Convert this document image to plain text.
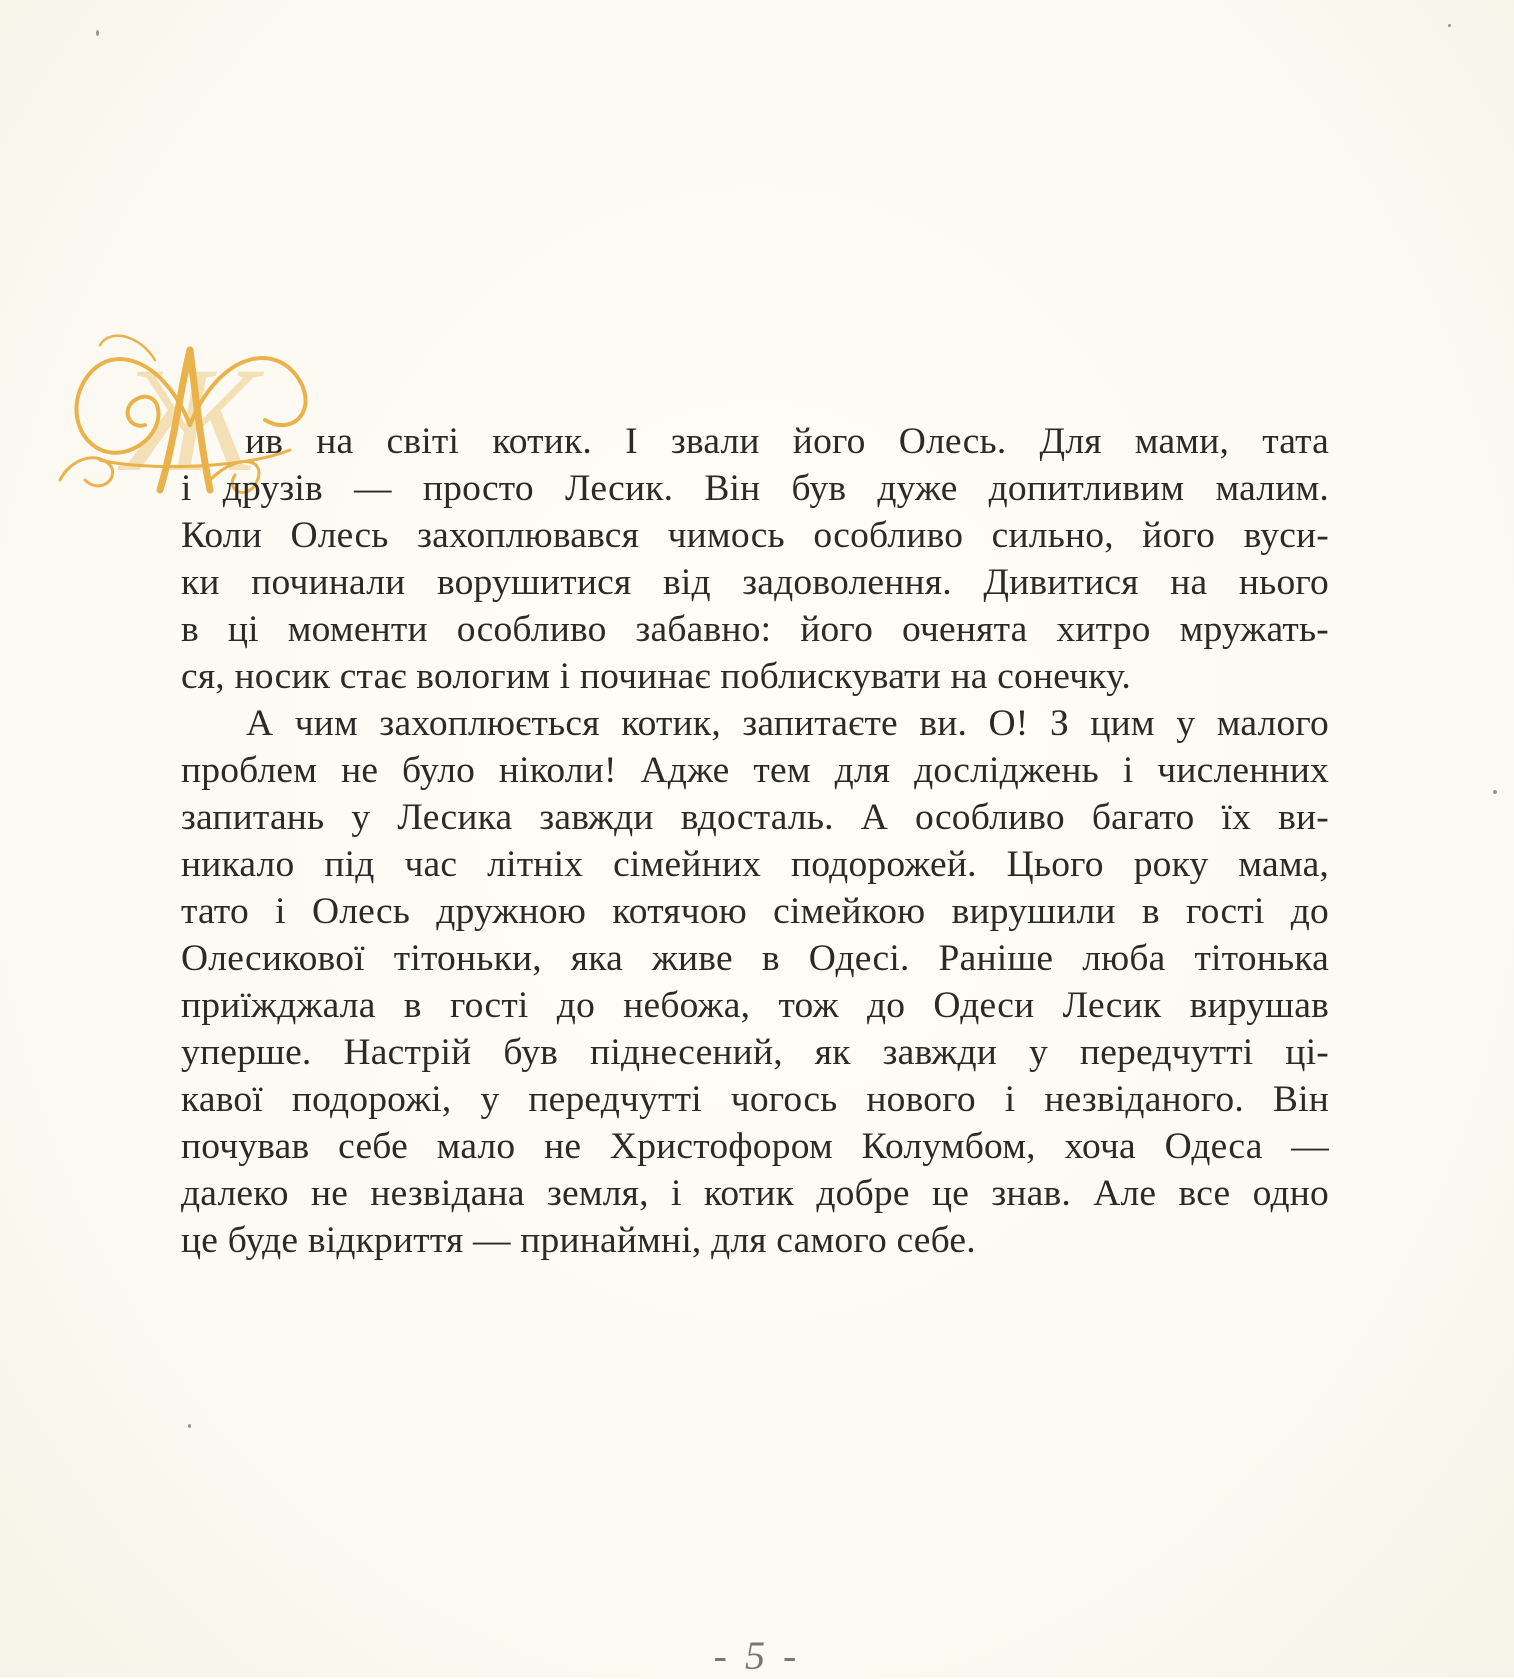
Ж
ив на світі котик. І звали його Олесь. Для мами, тата
і друзів — просто Лесик. Він був дуже допитливим малим.
Коли Олесь захоплювався чимось особливо сильно, його вуси-
ки починали ворушитися від задоволення. Дивитися на нього
в ці моменти особливо забавно: його оченята хитро мружать-
ся, носик стає вологим і починає поблискувати на сонечку.
А чим захоплюється котик, запитаєте ви. О! З цим у малого
проблем не було ніколи! Адже тем для досліджень і численних
запитань у Лесика завжди вдосталь. А особливо багато їх ви-
никало під час літніх сімейних подорожей. Цього року мама,
тато і Олесь дружною котячою сімейкою вирушили в гості до
Олесикової тітоньки, яка живе в Одесі. Раніше люба тітонька
приїжджала в гості до небожа, тож до Одеси Лесик вирушав
уперше. Настрій був піднесений, як завжди у передчутті ці-
кавої подорожі, у передчутті чогось нового і незвіданого. Він
почував себе мало не Христофором Колумбом, хоча Одеса —
далеко не незвідана земля, і котик добре це знав. Але все одно
це буде відкриття — принаймні, для самого себе.
- 5 -
